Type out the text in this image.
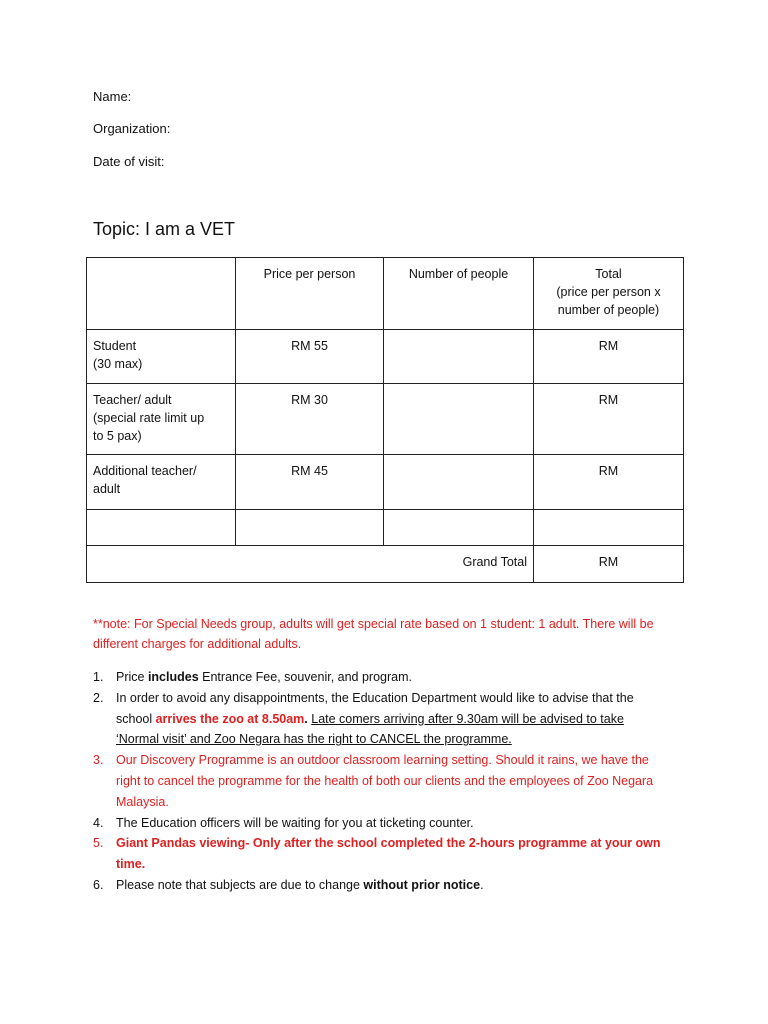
Name:
Organization:
Date of visit:
Topic: I am a VET
	Price per person	Number of people	Total
(price per person x
number of people)
Student
(30 max)	RM 55		RM
Teacher/ adult
(special rate limit up
to 5 pax)	RM 30		RM
Additional teacher/
adult	RM 45		RM

Grand Total			RM
**note: For Special Needs group, adults will get special rate based on 1 student: 1 adult. There will be different charges for additional adults.
1. Price includes Entrance Fee, souvenir, and program.
2. In order to avoid any disappointments, the Education Department would like to advise that the school arrives the zoo at 8.50am. Late comers arriving after 9.30am will be advised to take ‘Normal visit’ and Zoo Negara has the right to CANCEL the programme.
3. Our Discovery Programme is an outdoor classroom learning setting. Should it rains, we have the right to cancel the programme for the health of both our clients and the employees of Zoo Negara Malaysia.
4. The Education officers will be waiting for you at ticketing counter.
5. Giant Pandas viewing- Only after the school completed the 2-hours programme at your own time.
6. Please note that subjects are due to change without prior notice.
